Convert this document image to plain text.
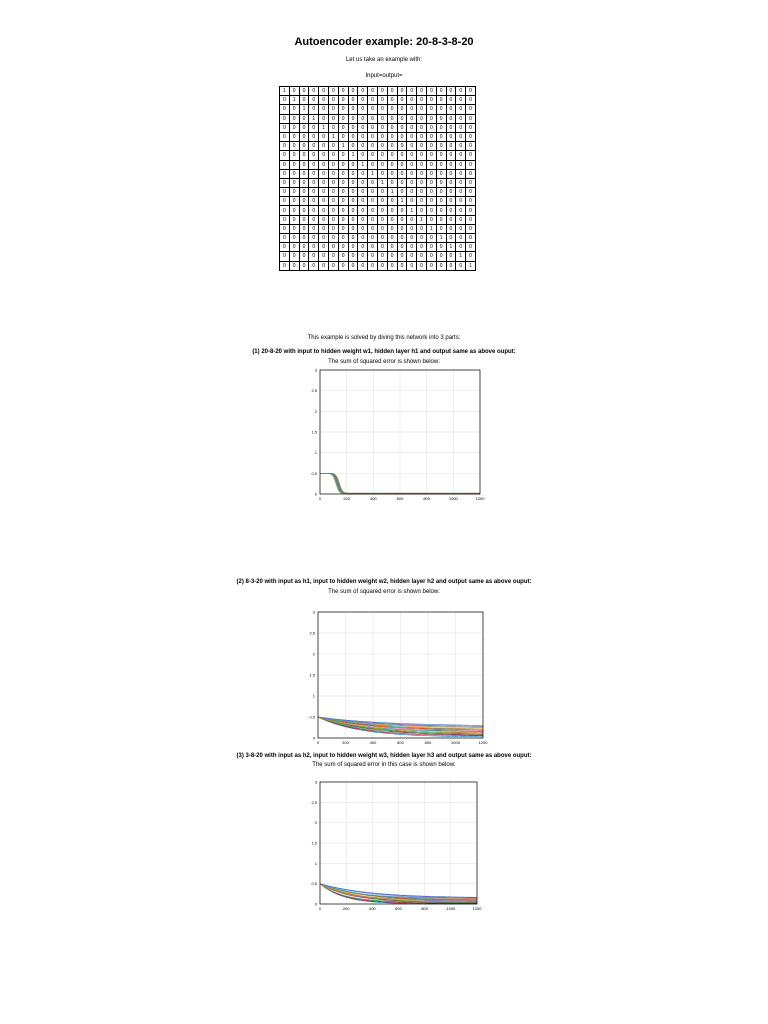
Autoencoder example: 20-8-3-8-20
Let us take an example with:
Input=output=
1	0	0	0	0	0	0	0	0	0	0	0	0	0	0	0	0	0	0	0
0	1	0	0	0	0	0	0	0	0	0	0	0	0	0	0	0	0	0	0
0	0	1	0	0	0	0	0	0	0	0	0	0	0	0	0	0	0	0	0
0	0	0	1	0	0	0	0	0	0	0	0	0	0	0	0	0	0	0	0
0	0	0	0	1	0	0	0	0	0	0	0	0	0	0	0	0	0	0	0
0	0	0	0	0	1	0	0	0	0	0	0	0	0	0	0	0	0	0	0
0	0	0	0	0	0	1	0	0	0	0	0	0	0	0	0	0	0	0	0
0	0	0	0	0	0	0	1	0	0	0	0	0	0	0	0	0	0	0	0
0	0	0	0	0	0	0	0	1	0	0	0	0	0	0	0	0	0	0	0
0	0	0	0	0	0	0	0	0	1	0	0	0	0	0	0	0	0	0	0
0	0	0	0	0	0	0	0	0	0	1	0	0	0	0	0	0	0	0	0
0	0	0	0	0	0	0	0	0	0	0	1	0	0	0	0	0	0	0	0
0	0	0	0	0	0	0	0	0	0	0	0	1	0	0	0	0	0	0	0
0	0	0	0	0	0	0	0	0	0	0	0	0	1	0	0	0	0	0	0
0	0	0	0	0	0	0	0	0	0	0	0	0	0	1	0	0	0	0	0
0	0	0	0	0	0	0	0	0	0	0	0	0	0	0	1	0	0	0	0
0	0	0	0	0	0	0	0	0	0	0	0	0	0	0	0	1	0	0	0
0	0	0	0	0	0	0	0	0	0	0	0	0	0	0	0	0	1	0	0
0	0	0	0	0	0	0	0	0	0	0	0	0	0	0	0	0	0	1	0
0	0	0	0	0	0	0	0	0	0	0	0	0	0	0	0	0	0	0	1
This example is solved by diving this network into 3 parts:
(1) 20-8-20 with input to hidden weight w1, hidden layer h1 and output same as above ouput:
The sum of squared error is shown below:
0	200	400	600	800	1000	1200
0
0.5
1
1.5
2
2.5
3
(2) 8-3-20 with input as h1, input to hidden weight w2, hidden layer h2 and output same as above ouput:
The sum of squared error is shown below:
0	200	400	600	800	1000	1200
0
0.5
1
1.5
2
2.5
3
(3) 3-8-20 with input as h2, input to hidden weight w3, hidden layer h3 and output same as above ouput:
The sum of squared error in this case is shown below:
0	200	400	600	800	1000	1200
0
0.5
1
1.5
2
2.5
3
